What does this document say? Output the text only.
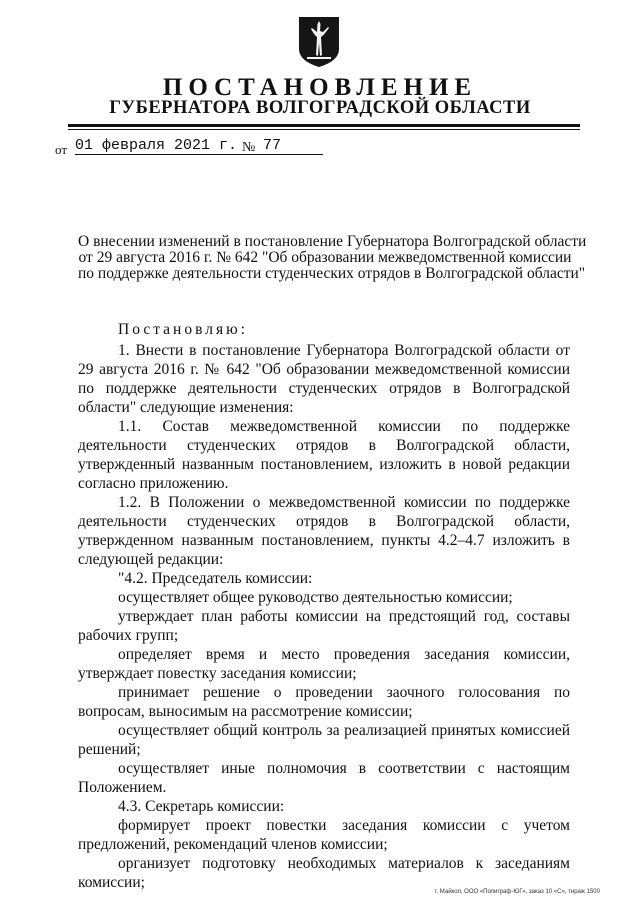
ПОСТАНОВЛЕНИЕ
ГУБЕРНАТОРА ВОЛГОГРАДСКОЙ ОБЛАСТИ
от 01 февраля 2021 г. № 77
О внесении изменений в постановление Губернатора Волгоградской области
от 29 августа 2016 г. № 642 "Об образовании межведомственной комиссии
по поддержке деятельности студенческих отрядов в Волгоградской области"

Постановляю:

1. Внести в постановление Губернатора Волгоградской области от 29 августа 2016 г. № 642 "Об образовании межведомственной комиссии по поддержке деятельности студенческих отрядов в Волгоградской области" следующие изменения:

1.1. Состав межведомственной комиссии по поддержке деятельности студенческих отрядов в Волгоградской области, утвержденный названным постановлением, изложить в новой редакции согласно приложению.

1.2. В Положении о межведомственной комиссии по поддержке деятельности студенческих отрядов в Волгоградской области, утвержденном названным постановлением, пункты 4.2–4.7 изложить в следующей редакции:

"4.2. Председатель комиссии:

осуществляет общее руководство деятельностью комиссии;

утверждает план работы комиссии на предстоящий год, составы рабочих групп;

определяет время и место проведения заседания комиссии, утверждает повестку заседания комиссии;

принимает решение о проведении заочного голосования по вопросам, выносимым на рассмотрение комиссии;

осуществляет общий контроль за реализацией принятых комиссией решений;

осуществляет иные полномочия в соответствии с настоящим Положением.

4.3. Секретарь комиссии:

формирует проект повестки заседания комиссии с учетом предложений, рекомендаций членов комиссии;

организует подготовку необходимых материалов к заседаниям комиссии;

г. Майкоп, ООО «Полиграф-ЮГ», заказ 10 «С», тираж 1500
